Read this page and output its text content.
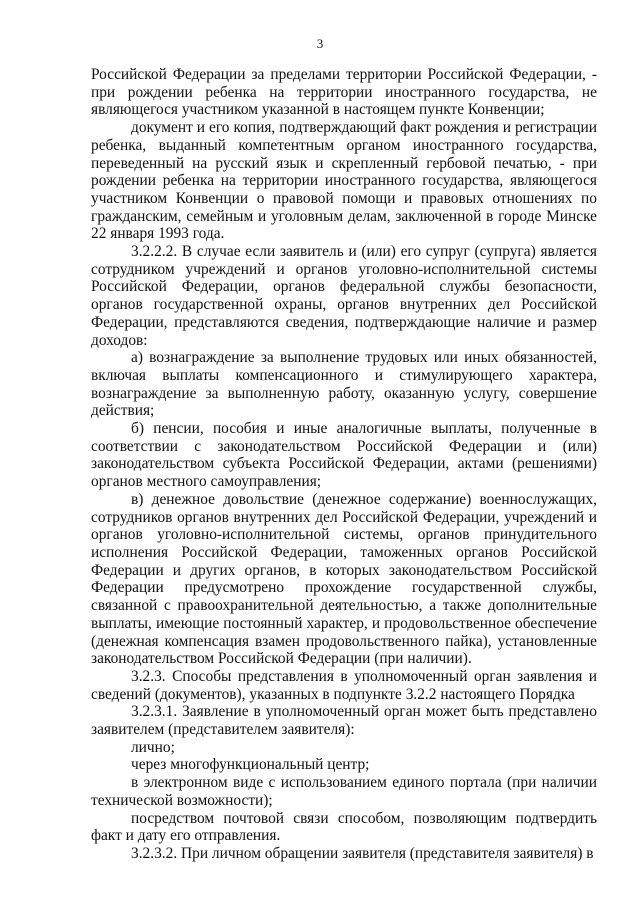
3

Российской Федерации за пределами территории Российской Федерации, - при рождении ребенка на территории иностранного государства, не являющегося участником указанной в настоящем пункте Конвенции;

документ и его копия, подтверждающий факт рождения и регистрации ребенка, выданный компетентным органом иностранного государства, переведенный на русский язык и скрепленный гербовой печатью, - при рождении ребенка на территории иностранного государства, являющегося участником Конвенции о правовой помощи и правовых отношениях по гражданским, семейным и уголовным делам, заключенной в городе Минске 22 января 1993 года.

3.2.2.2. В случае если заявитель и (или) его супруг (супруга) является сотрудником учреждений и органов уголовно-исполнительной системы Российской Федерации, органов федеральной службы безопасности, органов государственной охраны, органов внутренних дел Российской Федерации, представляются сведения, подтверждающие наличие и размер доходов:

а) вознаграждение за выполнение трудовых или иных обязанностей, включая выплаты компенсационного и стимулирующего характера, вознаграждение за выполненную работу, оказанную услугу, совершение действия;

б) пенсии, пособия и иные аналогичные выплаты, полученные в соответствии с законодательством Российской Федерации и (или) законодательством субъекта Российской Федерации, актами (решениями) органов местного самоуправления;

в) денежное довольствие (денежное содержание) военнослужащих, сотрудников органов внутренних дел Российской Федерации, учреждений и органов уголовно-исполнительной системы, органов принудительного исполнения Российской Федерации, таможенных органов Российской Федерации и других органов, в которых законодательством Российской Федерации предусмотрено прохождение государственной службы, связанной с правоохранительной деятельностью, а также дополнительные выплаты, имеющие постоянный характер, и продовольственное обеспечение (денежная компенсация взамен продовольственного пайка), установленные законодательством Российской Федерации (при наличии).

3.2.3. Способы представления в уполномоченный орган заявления и сведений (документов), указанных в подпункте 3.2.2 настоящего Порядка

3.2.3.1. Заявление в уполномоченный орган может быть представлено заявителем (представителем заявителя):

лично;

через многофункциональный центр;

в электронном виде с использованием единого портала (при наличии технической возможности);

посредством почтовой связи способом, позволяющим подтвердить факт и дату его отправления.

3.2.3.2. При личном обращении заявителя (представителя заявителя) в
